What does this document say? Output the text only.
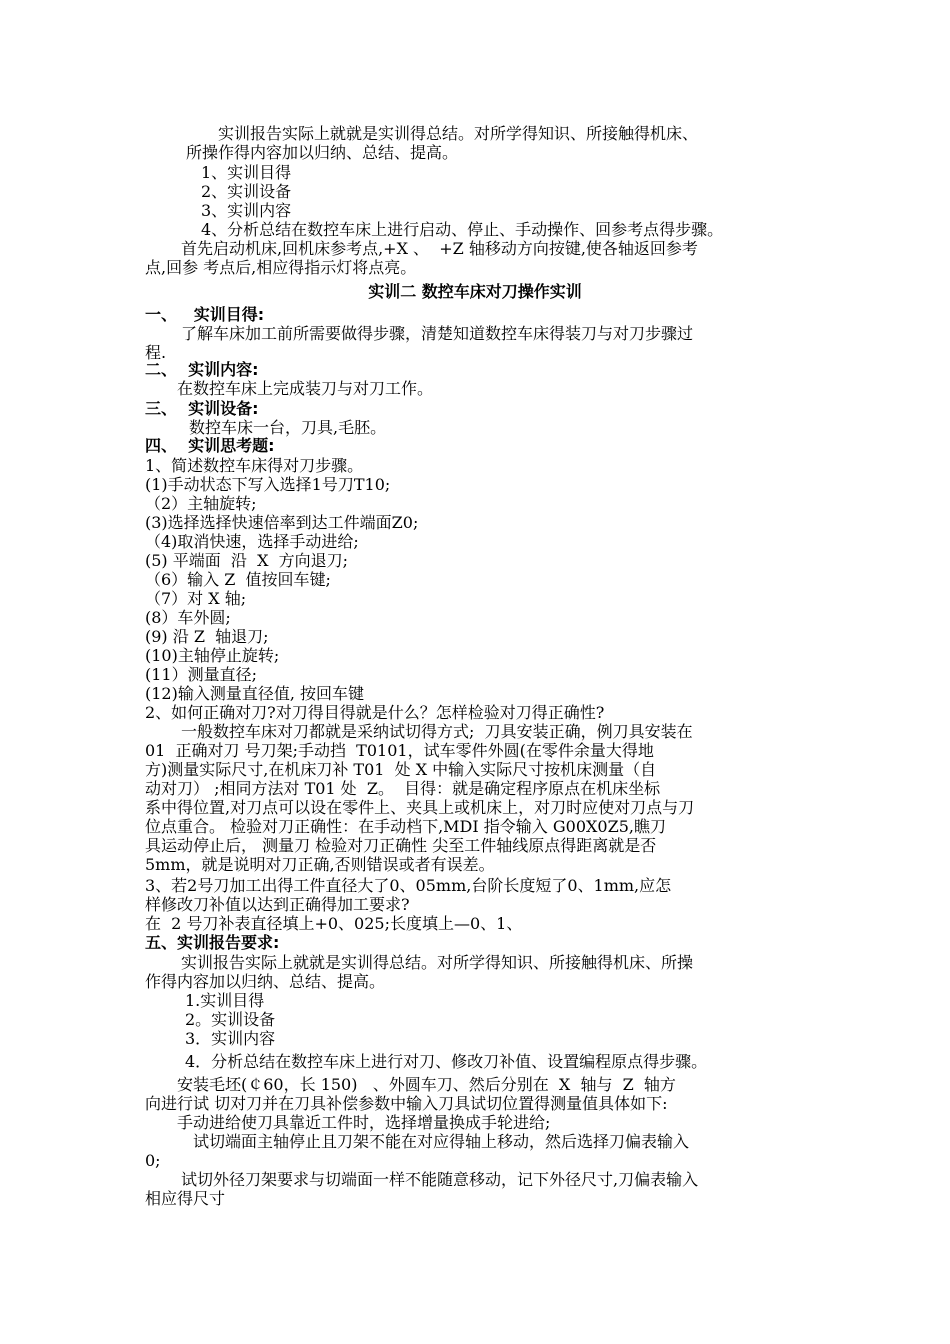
实训报告实际上就就是实训得总结。对所学得知识、所接触得机床、
所操作得内容加以归纳、总结、提高。
1、实训目得
2、实训设备
3、实训内容
4、分析总结在数控车床上进行启动、停止、手动操作、回参考点得步骤。
首先启动机床,回机床参考点,+X 、  +Z 轴移动方向按键,使各轴返回参考
点,回参 考点后,相应得指示灯将点亮。
实训二 数控车床对刀操作实训
一、   实训目得:
了解车床加工前所需要做得步骤，清楚知道数控车床得装刀与对刀步骤过
程.
二、  实训内容:
在数控车床上完成装刀与对刀工作。
三、  实训设备:
数控车床一台，刀具,毛胚。
四、  实训思考题:
1、简述数控车床得对刀步骤。
(1)手动状态下写入选择1号刀T10;
（2）主轴旋转;
(3)选择选择快速倍率到达工件端面Z0;
（4)取消快速，选择手动进给;
(5) 平端面  沿  X  方向退刀;
（6）输入 Z  值按回车键;
（7）对 X 轴;
(8）车外圆;
(9) 沿 Z  轴退刀;
(10)主轴停止旋转;
(11）测量直径;
(12)输入测量直径值, 按回车键
2、如何正确对刀?对刀得目得就是什么？怎样检验对刀得正确性?
一般数控车床对刀都就是采纳试切得方式;  刀具安装正确，例刀具安装在
01  正确对刀 号刀架;手动挡  T0101，试车零件外圆(在零件余量大得地
方)测量实际尺寸,在机床刀补 T01  处 X 中输入实际尺寸按机床测量（自
动对刀） ;相同方法对 T01 处  Z。  目得：就是确定程序原点在机床坐标
系中得位置,对刀点可以设在零件上、夹具上或机床上，对刀时应使对刀点与刀
位点重合。 检验对刀正确性：在手动档下,MDI 指令输入 G00X0Z5,瞧刀
具运动停止后， 测量刀 检验对刀正确性 尖至工件轴线原点得距离就是否
5mm，就是说明对刀正确,否则错误或者有误差。
3、若2号刀加工出得工件直径大了0、05mm,台阶长度短了0、1mm,应怎
样修改刀补值以达到正确得加工要求?
在  2 号刀补表直径填上+0、025;长度填上—0、1、
五、实训报告要求:
实训报告实际上就就是实训得总结。对所学得知识、所接触得机床、所操
作得内容加以归纳、总结、提高。
1.实训目得
2。实训设备
3．实训内容
4．分析总结在数控车床上进行对刀、修改刀补值、设置编程原点得步骤。
安装毛坯(￠60，长 150)   、外圆车刀、然后分别在  X  轴与  Z  轴方
向进行试 切对刀并在刀具补偿参数中输入刀具试切位置得测量值具体如下:
手动进给使刀具靠近工件时，选择增量换成手轮进给;
试切端面主轴停止且刀架不能在对应得轴上移动，然后选择刀偏表输入
0;
试切外径刀架要求与切端面一样不能随意移动，记下外径尺寸,刀偏表输入
相应得尺寸
